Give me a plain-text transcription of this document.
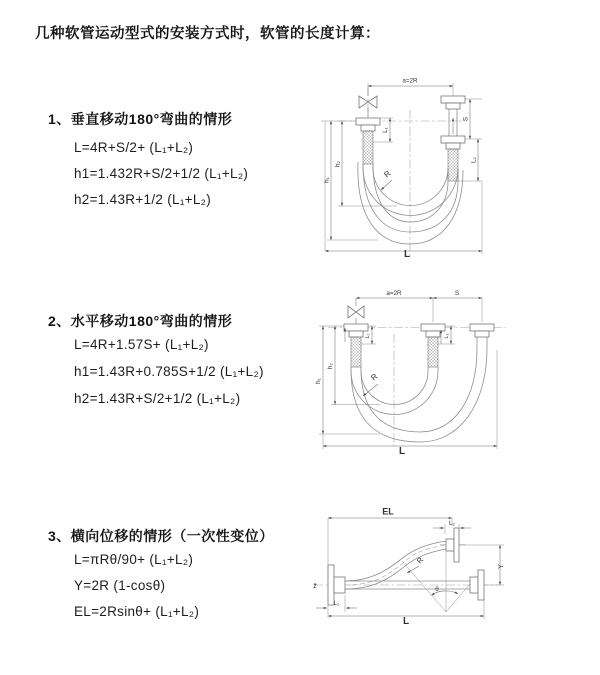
几种软管运动型式的安装方式时，软管的长度计算：
1、垂直移动180°弯曲的情形
L=4R+S/2+ (L₁+L₂)
h1=1.432R+S/2+1/2 (L₁+L₂)
h2=1.43R+1/2 (L₁+L₂)
2、水平移动180°弯曲的情形
L=4R+1.57S+ (L₁+L₂)
h1=1.43R+0.785S+1/2 (L₁+L₂)
h2=1.43R+S/2+1/2 (L₁+L₂)
3、横向位移的情形（一次性变位）
L=πRθ/90+ (L₁+L₂)
Y=2R (1-cosθ)
EL=2Rsinθ+ (L₁+L₂)
a=2R
S
L₂
L₁
h₁
h₂
R
L
a=2R	S
L₁	L₂
h₁
h₂
R
L
EL
L₂
Y
R
θ
L₁
L
z̄
